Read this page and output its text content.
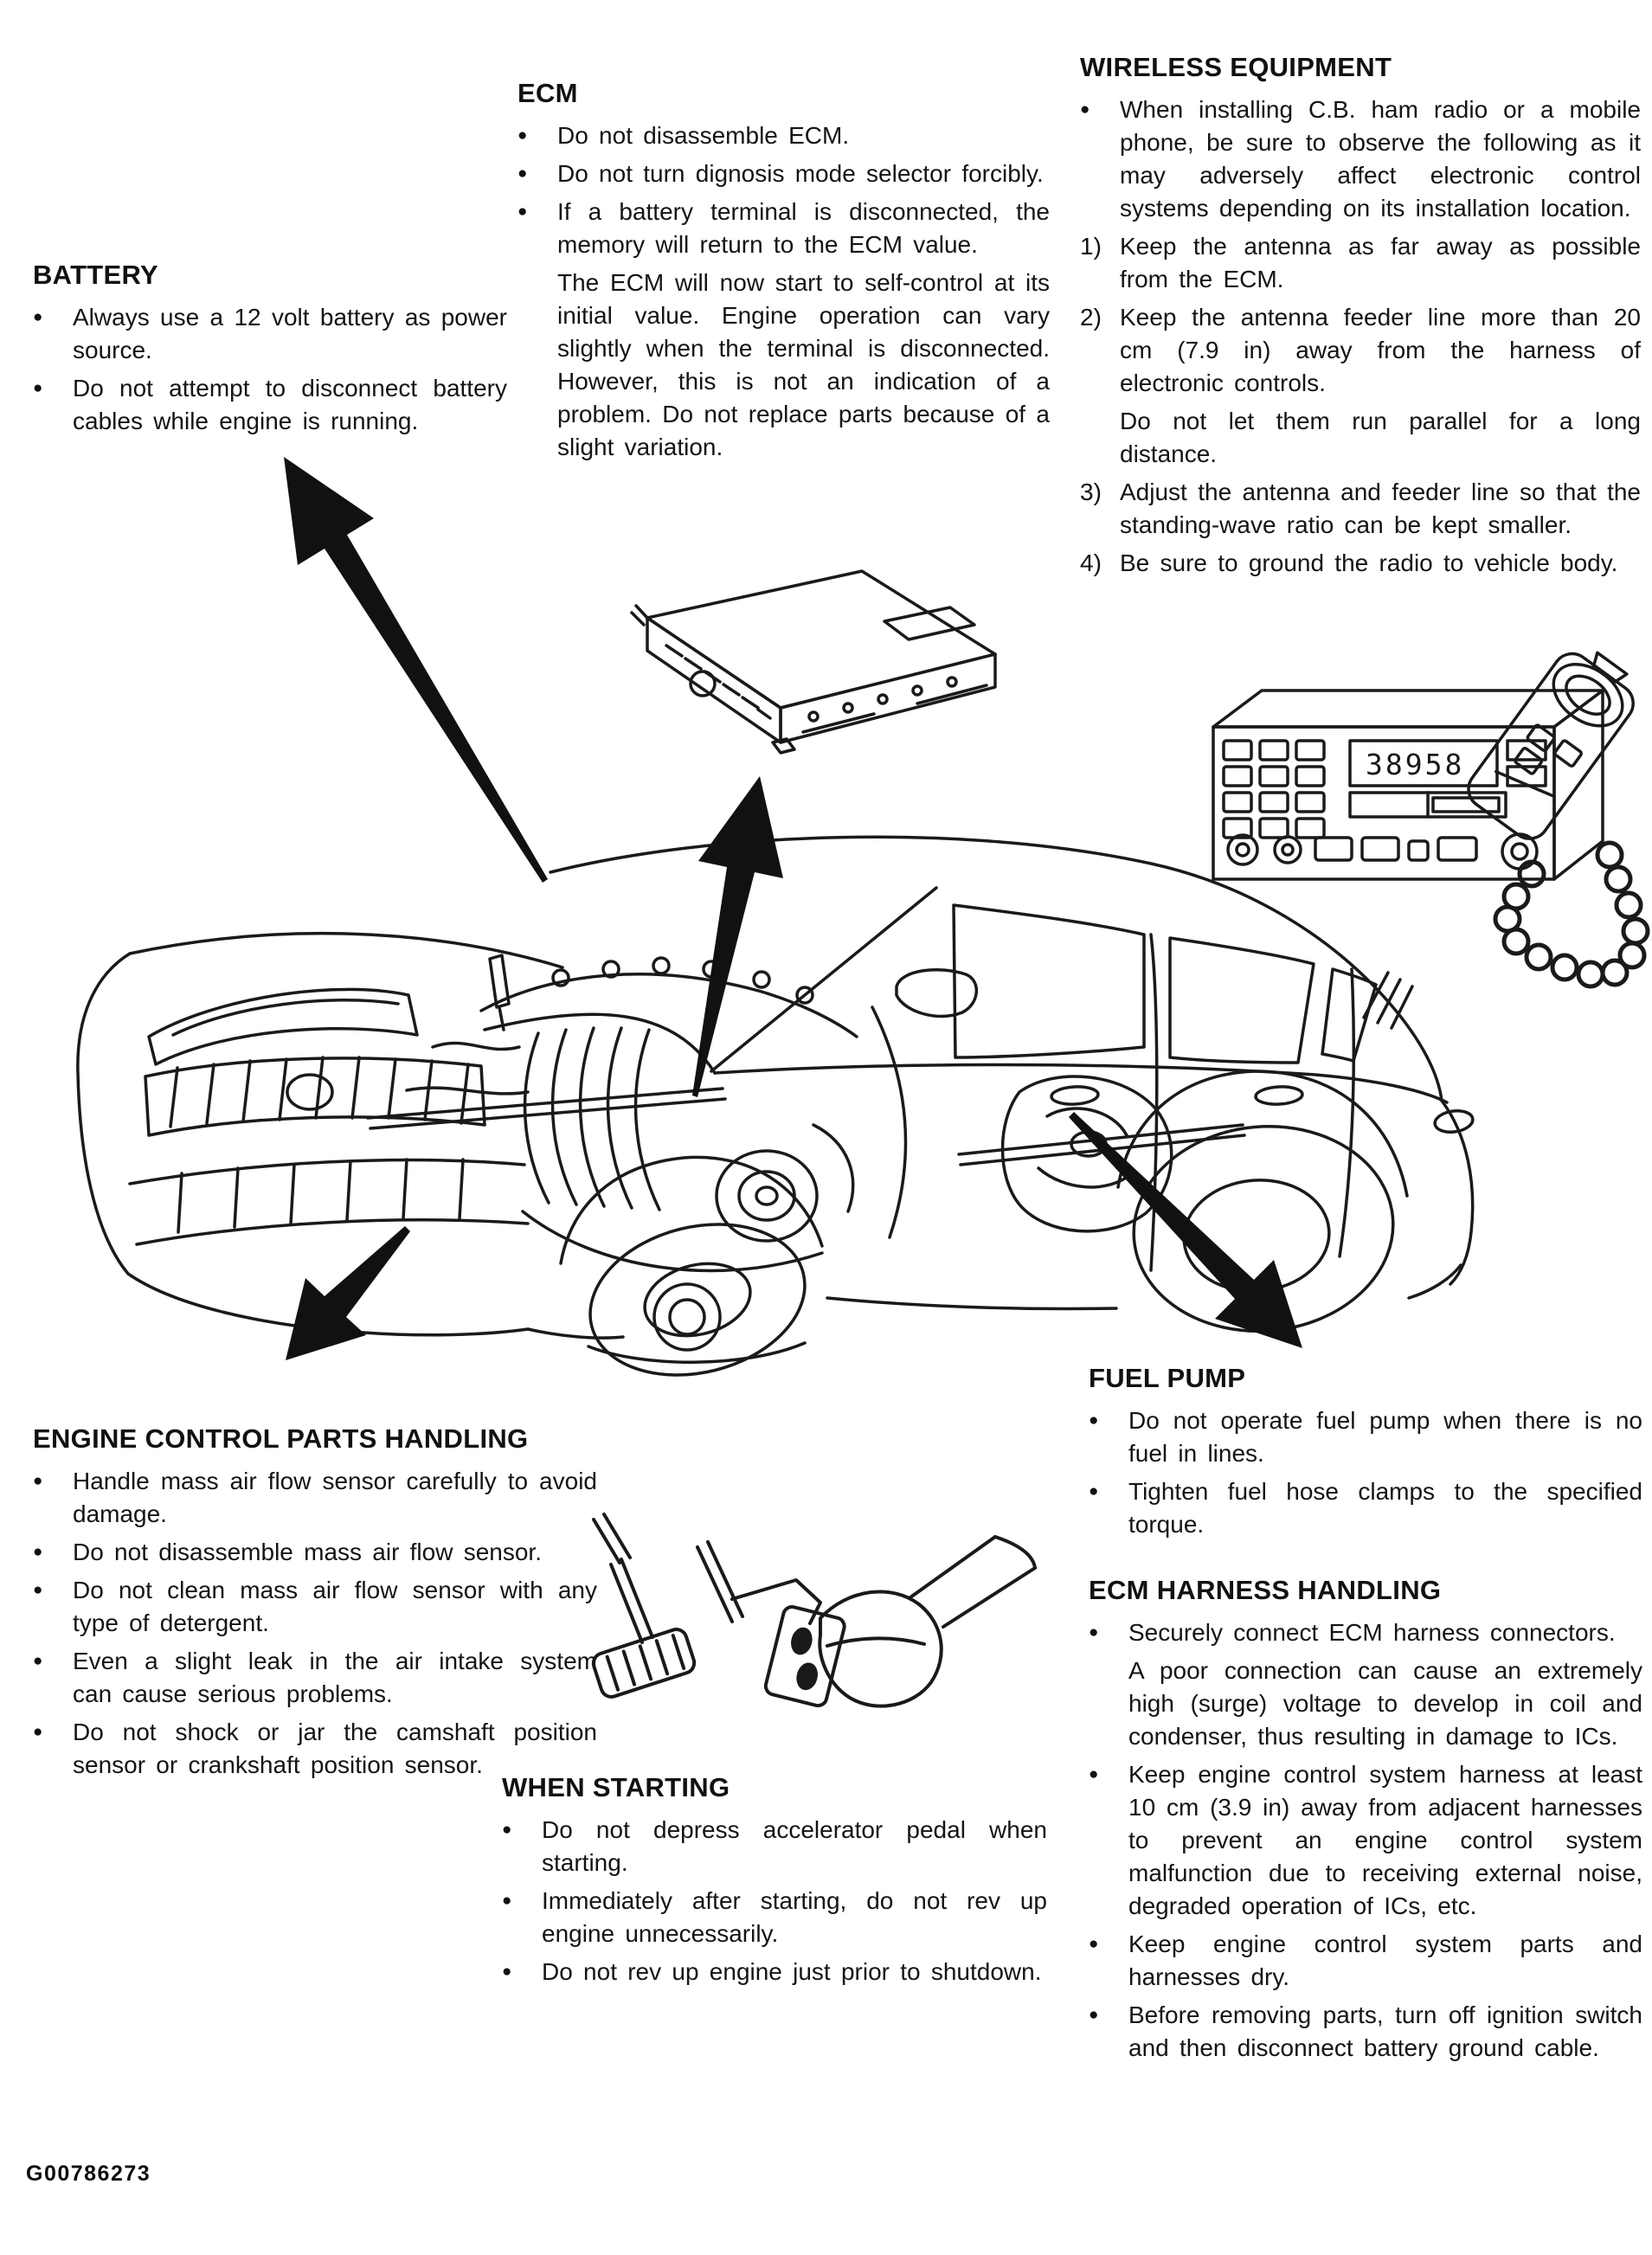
38958
BATTERY
●	Always use a 12 volt battery as power source.

●	Do not attempt to disconnect battery cables while engine is running.

ECM
●	Do not disassemble ECM.

●	Do not turn dignosis mode selector forcibly.

●	If a battery terminal is disconnected, the memory will return to the ECM value.

The ECM will now start to self-control at its initial value. Engine operation can vary slightly when the terminal is disconnected. However, this is not an indication of a problem. Do not replace parts because of a slight variation.

WIRELESS EQUIPMENT
●	When installing C.B. ham radio or a mobile phone, be sure to observe the following as it may adversely affect electronic control systems depending on its installation location.

1) Keep the antenna as far away as possible from the ECM.

2) Keep the antenna feeder line more than 20 cm (7.9 in) away from the harness of electronic controls.

Do not let them run parallel for a long distance.

3) Adjust the antenna and feeder line so that the standing-wave ratio can be kept smaller.

4) Be sure to ground the radio to vehicle body.

ENGINE CONTROL PARTS HANDLING
●	Handle mass air flow sensor carefully to avoid damage.

●	Do not disassemble mass air flow sensor.

●	Do not clean mass air flow sensor with any type of detergent.

●	Even a slight leak in the air intake system can cause serious problems.

●	Do not shock or jar the camshaft position sensor or crankshaft position sensor.

WHEN STARTING
●	Do not depress accelerator pedal when starting.

●	Immediately after starting, do not rev up engine unnecessarily.

●	Do not rev up engine just prior to shutdown.

FUEL PUMP
●	Do not operate fuel pump when there is no fuel in lines.

●	Tighten fuel hose clamps to the specified torque.

ECM HARNESS HANDLING
●	Securely connect ECM harness connectors.

A poor connection can cause an extremely high (surge) voltage to develop in coil and condenser, thus resulting in damage to ICs.

●	Keep engine control system harness at least 10 cm (3.9 in) away from adjacent harnesses to prevent an engine control system malfunction due to receiving external noise, degraded operation of ICs, etc.

●	Keep engine control system parts and harnesses dry.

●	Before removing parts, turn off ignition switch and then disconnect battery ground cable.

G00786273
